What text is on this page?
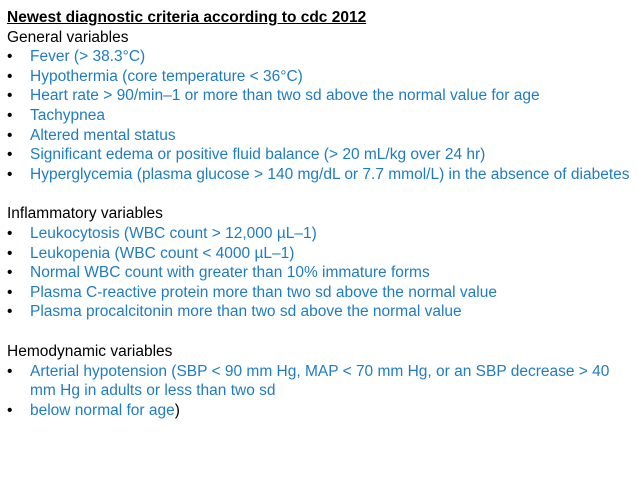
Newest diagnostic criteria according to cdc 2012

General variables

• Fever (> 38.3°C)
• Hypothermia (core temperature < 36°C)
• Heart rate > 90/min–1 or more than two sd above the normal value for age
• Tachypnea
• Altered mental status
• Significant edema or positive fluid balance (> 20 mL/kg over 24 hr)
• Hyperglycemia (plasma glucose > 140 mg/dL or 7.7 mmol/L) in the absence of diabetes

Inflammatory variables

• Leukocytosis (WBC count > 12,000 µL–1)
• Leukopenia (WBC count < 4000 µL–1)
• Normal WBC count with greater than 10% immature forms
• Plasma C-reactive protein more than two sd above the normal value
• Plasma procalcitonin more than two sd above the normal value

Hemodynamic variables

• Arterial hypotension (SBP < 90 mm Hg, MAP < 70 mm Hg, or an SBP decrease > 40 mm Hg in adults or less than two sd
• below normal for age)
